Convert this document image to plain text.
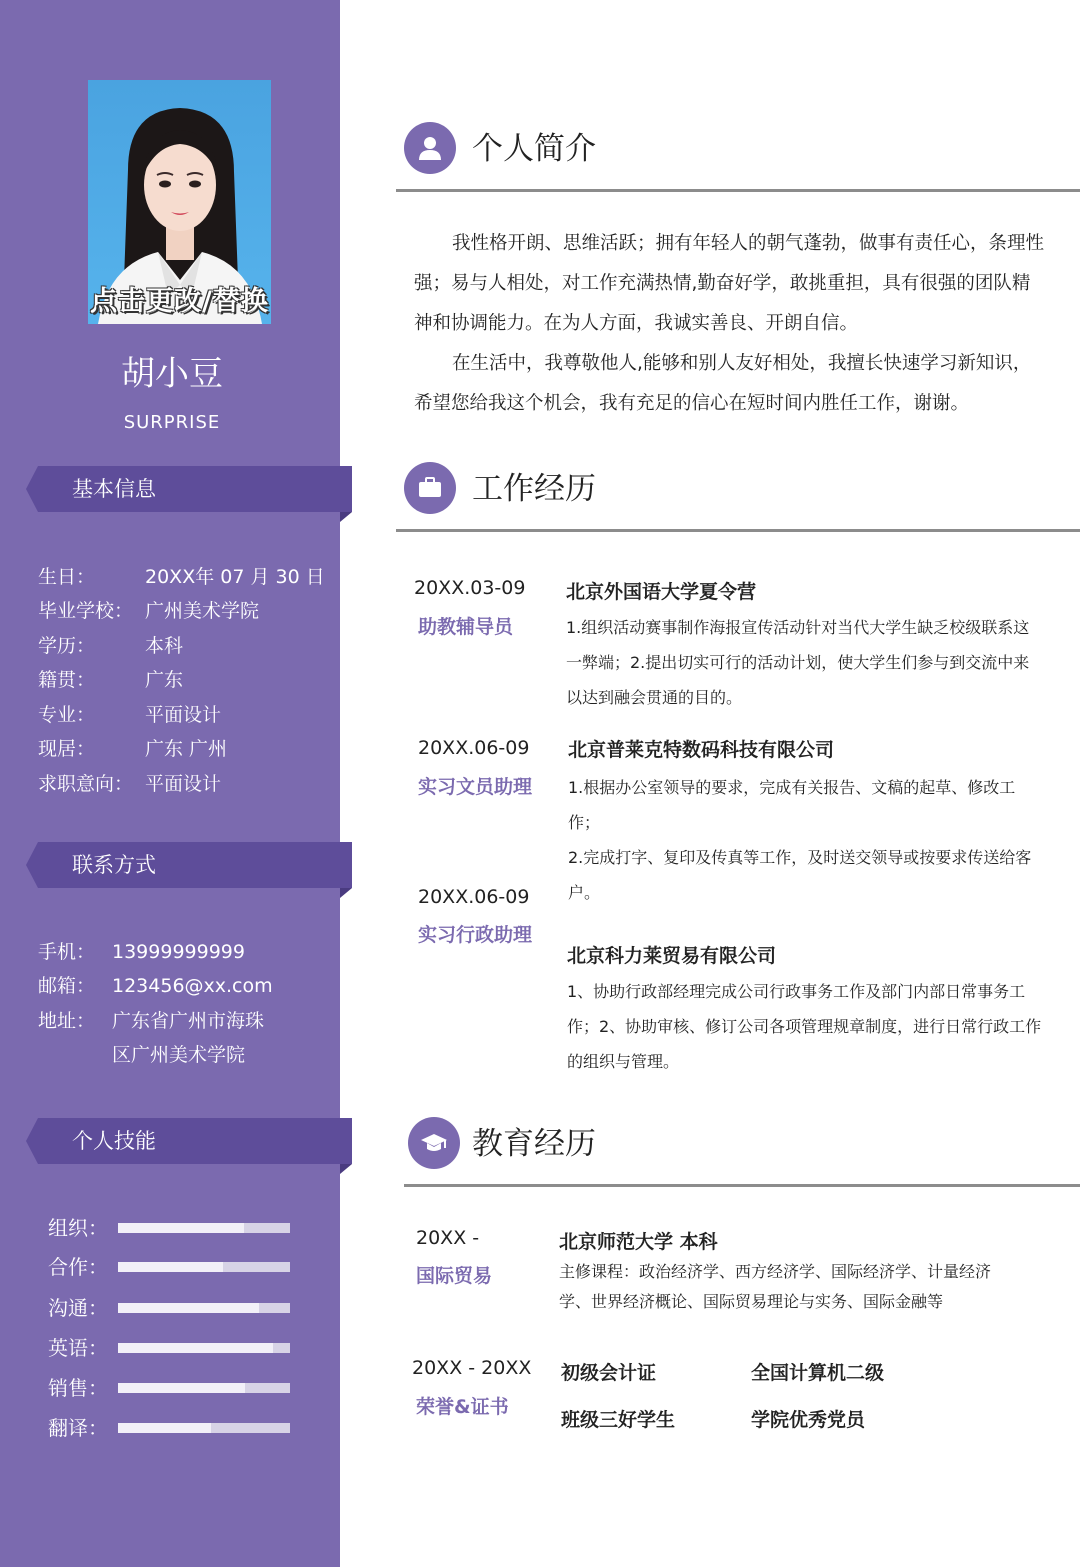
点击更改/替换
胡小豆
SURPRISE
基本信息
生日：	20XX年 07 月 30 日
毕业学校： 广州美术学院
学历：	本科
籍贯：	广东
专业：	平面设计
现居：	广东 广州
求职意向： 平面设计
联系方式
手机： 13999999999
邮箱： 123456@xx.com
地址： 广东省广州市海珠
区广州美术学院
个人技能
组织：
合作：
沟通：
英语：
销售：
翻译：
个人简介

我性格开朗、思维活跃；拥有年轻人的朝气蓬勃，做事有责任心，条理性强；易与人相处，对工作充满热情,勤奋好学，敢挑重担，具有很强的团队精神和协调能力。在为人方面，我诚实善良、开朗自信。

在生活中，我尊敬他人,能够和别人友好相处，我擅长快速学习新知识，希望您给我这个机会，我有充足的信心在短时间内胜任工作，谢谢。

工作经历
20XX.03-09
助教辅导员
北京外国语大学夏令营
1.组织活动赛事制作海报宣传活动针对当代大学生缺乏校级联系这一弊端；2.提出切实可行的活动计划，使大学生们参与到交流中来以达到融会贯通的目的。
20XX.06-09
实习文员助理
北京普莱克特数码科技有限公司
1.根据办公室领导的要求，完成有关报告、文稿的起草、修改工作；
2.完成打字、复印及传真等工作，及时送交领导或按要求传送给客户。
20XX.06-09
实习行政助理
北京科力莱贸易有限公司
1、协助行政部经理完成公司行政事务工作及部门内部日常事务工作；2、协助审核、修订公司各项管理规章制度，进行日常行政工作的组织与管理。
教育经历
20XX -
国际贸易
北京师范大学 本科
主修课程：政治经济学、西方经济学、国际经济学、计量经济学、世界经济概论、国际贸易理论与实务、国际金融等
20XX - 20XX
荣誉&证书
初级会计证	全国计算机二级
班级三好学生	学院优秀党员
